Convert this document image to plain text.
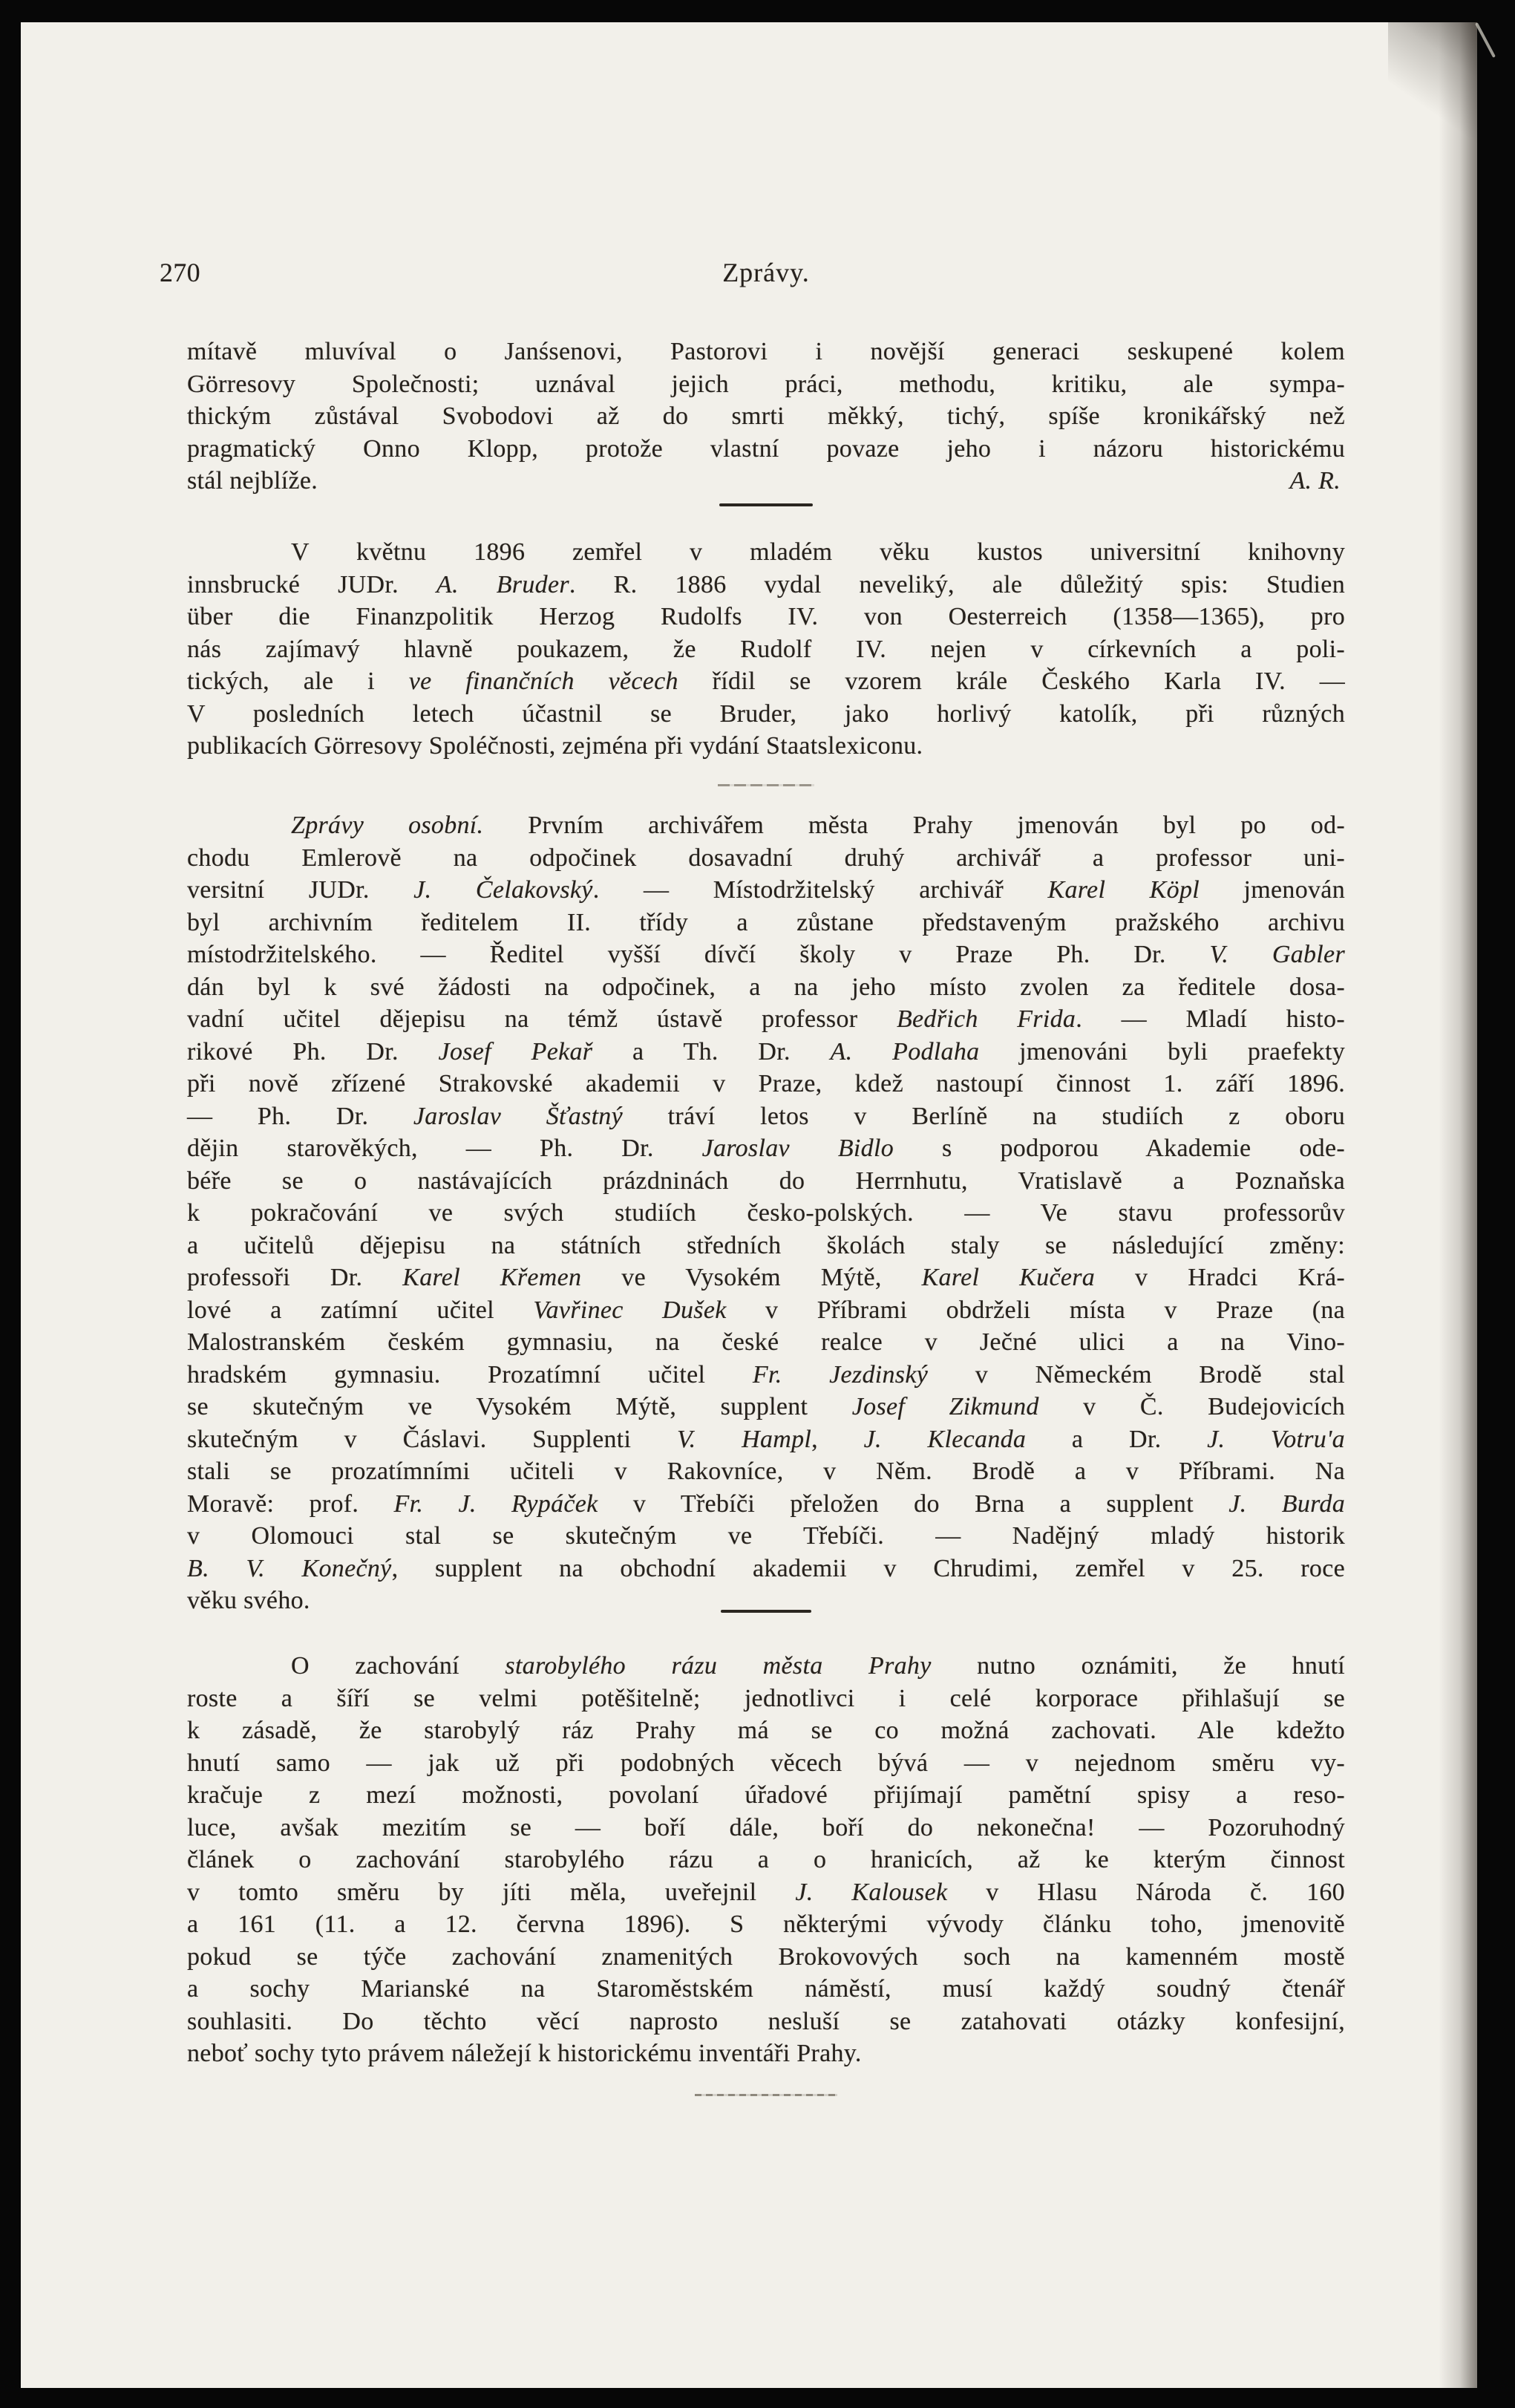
270	Zprávy.
mítavě mluvíval o Janśsenovi, Pastorovi i novější generaci seskupené kolem
Görresovy Společnosti; uznával jejich práci, methodu, kritiku, ale sympa-
thickým zůstával Svobodovi až do smrti měkký, tichý, spíše kronikářský než
pragmatický Onno Klopp, protože vlastní povaze jeho i názoru historickému
stál nejblíže.	A. R.
V květnu 1896 zemřel v mladém věku kustos universitní knihovny
innsbrucké JUDr. A. Bruder. R. 1886 vydal neveliký, ale důležitý spis: Studien
über die Finanzpolitik Herzog Rudolfs IV. von Oesterreich (1358—1365), pro
nás zajímavý hlavně poukazem, že Rudolf IV. nejen v církevních a poli-
tických, ale i ve finančních věcech řídil se vzorem krále Českého Karla IV. —
V posledních letech účastnil se Bruder, jako horlivý katolík, při různých
publikacích Görresovy Spoléčnosti, zejména při vydání Staatslexiconu.
Zprávy osobní. Prvním archivářem města Prahy jmenován byl po od-
chodu Emlerově na odpočinek dosavadní druhý archivář a professor uni-
versitní JUDr. J. Čelakovský. — Místodržitelský archivář Karel Köpl jmenován
byl archivním ředitelem II. třídy a zůstane představeným pražského archivu
místodržitelského. — Ředitel vyšší dívčí školy v Praze Ph. Dr. V. Gabler
dán byl k své žádosti na odpočinek, a na jeho místo zvolen za ředitele dosa-
vadní učitel dějepisu na témž ústavě professor Bedřich Frida. — Mladí histo-
rikové Ph. Dr. Josef Pekař a Th. Dr. A. Podlaha jmenováni byli praefekty
při nově zřízené Strakovské akademii v Praze, kdež nastoupí činnost 1. září 1896.
— Ph. Dr. Jaroslav Šťastný tráví letos v Berlíně na studiích z oboru
dějin starověkých, — Ph. Dr. Jaroslav Bidlo s podporou Akademie ode-
béře se o nastávajících prázdninách do Herrnhutu, Vratislavě a Poznaňska
k pokračování ve svých studiích česko-polských. — Ve stavu professorův
a učitelů dějepisu na státních středních školách staly se následující změny:
professoři Dr. Karel Křemen ve Vysokém Mýtě, Karel Kučera v Hradci Krá-
lové a zatímní učitel Vavřinec Dušek v Příbrami obdrželi místa v Praze (na
Malostranském českém gymnasiu, na české realce v Ječné ulici a na Vino-
hradském gymnasiu. Prozatímní učitel Fr. Jezdinský v Německém Brodě stal
se skutečným ve Vysokém Mýtě, supplent Josef Zikmund v Č. Budejovicích
skutečným v Čáslavi. Supplenti V. Hampl, J. Klecanda a Dr. J. Votru'a
stali se prozatímními učiteli v Rakovníce, v Něm. Brodě a v Příbrami. Na
Moravě: prof. Fr. J. Rypáček v Třebíči přeložen do Brna a supplent J. Burda
v Olomouci stal se skutečným ve Třebíči. — Nadějný mladý historik
B. V. Konečný, supplent na obchodní akademii v Chrudimi, zemřel v 25. roce
věku svého.
O zachování starobylého rázu města Prahy nutno oznámiti, že hnutí
roste a šíří se velmi potěšitelně; jednotlivci i celé korporace přihlašují se
k zásadě, že starobylý ráz Prahy má se co možná zachovati. Ale kdežto
hnutí samo — jak už při podobných věcech bývá — v nejednom směru vy-
kračuje z mezí možnosti, povolaní úřadové přijímají pamětní spisy a reso-
luce, avšak mezitím se — boří dále, boří do nekonečna! — Pozoruhodný
článek o zachování starobylého rázu a o hranicích, až ke kterým činnost
v tomto směru by jíti měla, uveřejnil J. Kalousek v Hlasu Národa č. 160
a 161 (11. a 12. června 1896). S některými vývody článku toho, jmenovitě
pokud se týče zachování znamenitých Brokovových soch na kamenném mostě
a sochy Marianské na Staroměstském náměstí, musí každý soudný čtenář
souhlasiti. Do těchto věcí naprosto nesluší se zatahovati otázky konfesijní,
neboť sochy tyto právem náležejí k historickému inventáři Prahy.
